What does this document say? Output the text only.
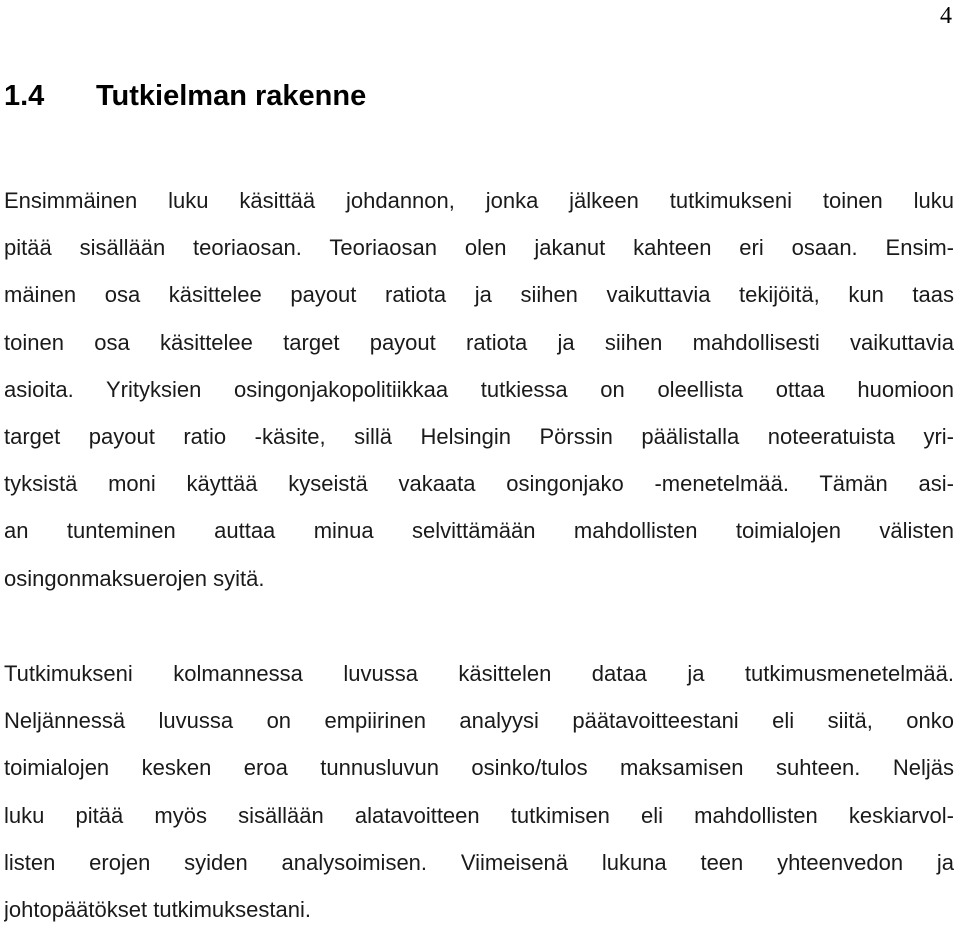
4
1.4 Tutkielman rakenne
Ensimmäinen luku käsittää johdannon, jonka jälkeen tutkimukseni toinen luku
pitää sisällään teoriaosan. Teoriaosan olen jakanut kahteen eri osaan. Ensim-
mäinen osa käsittelee payout ratiota ja siihen vaikuttavia tekijöitä, kun taas
toinen osa käsittelee target payout ratiota ja siihen mahdollisesti vaikuttavia
asioita. Yrityksien osingonjakopolitiikkaa tutkiessa on oleellista ottaa huomioon
target payout ratio -käsite, sillä Helsingin Pörssin päälistalla noteeratuista yri-
tyksistä moni käyttää kyseistä vakaata osingonjako -menetelmää. Tämän asi-
an tunteminen auttaa minua selvittämään mahdollisten toimialojen välisten
osingonmaksuerojen syitä.
Tutkimukseni kolmannessa luvussa käsittelen dataa ja tutkimusmenetelmää.
Neljännessä luvussa on empiirinen analyysi päätavoitteestani eli siitä, onko
toimialojen kesken eroa tunnusluvun osinko/tulos maksamisen suhteen. Neljäs
luku pitää myös sisällään alatavoitteen tutkimisen eli mahdollisten keskiarvol-
listen erojen syiden analysoimisen. Viimeisenä lukuna teen yhteenvedon ja
johtopäätökset tutkimuksestani.
